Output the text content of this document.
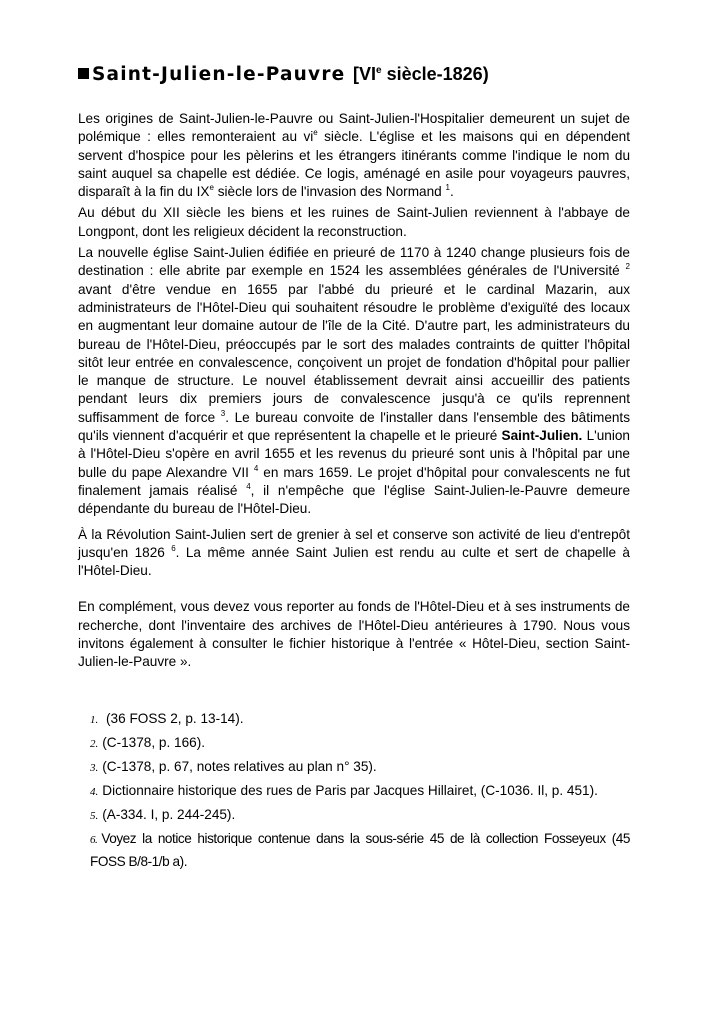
Saint-Julien-le-Pauvre [VIe siècle-1826)

Les origines de Saint-Julien-le-Pauvre ou Saint-Julien-l'Hospitalier demeurent un sujet de polémique : elles remonteraient au $vi^e$ siècle. L'église et les maisons qui en dépendent servent d'hospice pour les pèlerins et les étrangers itinérants comme l'indique le nom du saint auquel sa chapelle est dédiée. Ce logis, aménagé en asile pour voyageurs pauvres, disparaît à la fin du IXe siècle lors de l'invasion des Normand $^1$.

Au début du XII siècle les biens et les ruines de Saint-Julien reviennent à l'abbaye de Longpont, dont les religieux décident la reconstruction.

La nouvelle église Saint-Julien édifiée en prieuré de 1170 à 1240 change plusieurs fois de destination : elle abrite par exemple en 1524 les assemblées générales de l'Université $^2$ avant d'être vendue en 1655 par l'abbé du prieuré et le cardinal Mazarin, aux administrateurs de l'Hôtel-Dieu qui souhaitent résoudre le problème d'exiguïté des locaux en augmentant leur domaine autour de l'île de la Cité. D'autre part, les administrateurs du bureau de l'Hôtel-Dieu, préoccupés par le sort des malades contraints de quitter l'hôpital sitôt leur entrée en convalescence, conçoivent un projet de fondation d'hôpital pour pallier le manque de structure. Le nouvel établissement devrait ainsi accueillir des patients pendant leurs dix premiers jours de convalescence jusqu'à ce qu'ils reprennent suffisamment de force $^3$. Le bureau convoite de l'installer dans l'ensemble des bâtiments qu'ils viennent d'acquérir et que représentent la chapelle et le prieuré Saint-Julien. L'union à l'Hôtel-Dieu s'opère en avril 1655 et les revenus du prieuré sont unis à l'hôpital par une bulle du pape Alexandre VII $^4$ en mars 1659. Le projet d'hôpital pour convalescents ne fut finalement jamais réalisé $^4$, il n'empêche que l'église Saint-Julien-le-Pauvre demeure dépendante du bureau de l'Hôtel-Dieu.

À la Révolution Saint-Julien sert de grenier à sel et conserve son activité de lieu d'entrepôt jusqu'en 1826 $^6$. La même année Saint Julien est rendu au culte et sert de chapelle à l'Hôtel-Dieu.

En complément, vous devez vous reporter au fonds de l'Hôtel-Dieu et à ses instruments de recherche, dont l'inventaire des archives de l'Hôtel-Dieu antérieures à 1790. Nous vous invitons également à consulter le fichier historique à l'entrée « Hôtel-Dieu, section Saint-Julien-le-Pauvre ».

1. (36 FOSS 2, p. 13-14).
2. (C-1378, p. 166).
3. (C-1378, p. 67, notes relatives au plan n° 35).
4. Dictionnaire historique des rues de Paris par Jacques Hillairet, (C-1036. Il, p. 451).
5. (A-334. I, p. 244-245).
6. Voyez la notice historique contenue dans la sous-série 45 de là collection Fosseyeux (45 FOSS B/8-1/b a).
